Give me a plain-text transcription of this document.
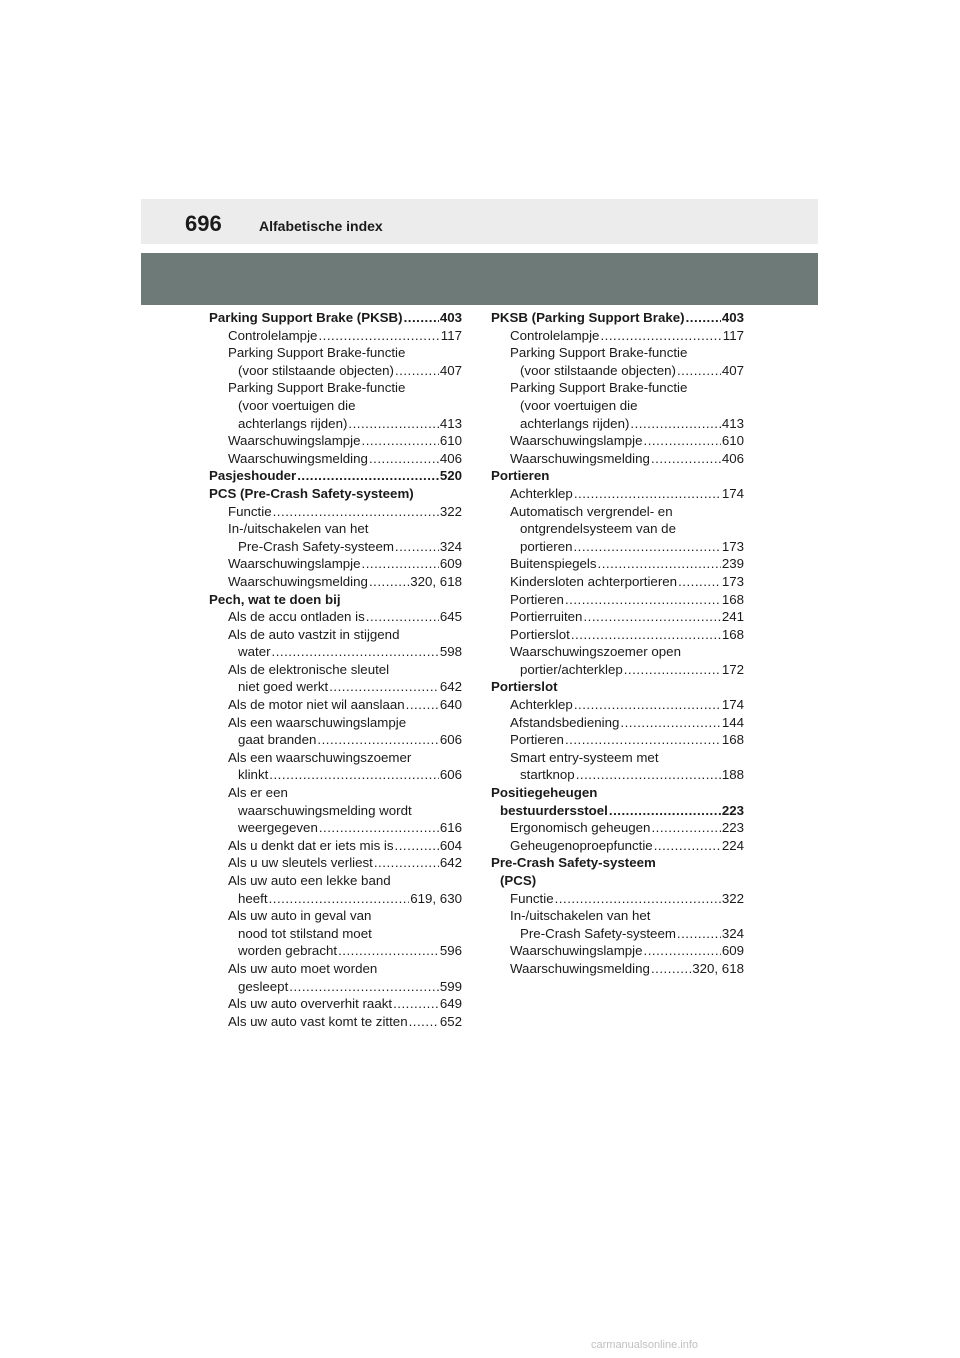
696	Alfabetische index
Parking Support Brake (PKSB) .....	403
Controlelampje .....	117
Parking Support Brake-functie
(voor stilstaande objecten) .....	407
Parking Support Brake-functie
(voor voertuigen die
achterlangs rijden) .....	413
Waarschuwingslampje .....	610
Waarschuwingsmelding .....	406
Pasjeshouder .....	520
PCS (Pre-Crash Safety-systeem)
Functie .....	322
In-/uitschakelen van het
Pre-Crash Safety-systeem .....	324
Waarschuwingslampje .....	609
Waarschuwingsmelding .....	320, 618
Pech, wat te doen bij
Als de accu ontladen is .....	645
Als de auto vastzit in stijgend
water .....	598
Als de elektronische sleutel
niet goed werkt .....	642
Als de motor niet wil aanslaan .....	640
Als een waarschuwingslampje
gaat branden .....	606
Als een waarschuwingszoemer
klinkt .....	606
Als er een
waarschuwingsmelding wordt
weergegeven .....	616
Als u denkt dat er iets mis is .....	604
Als u uw sleutels verliest .....	642
Als uw auto een lekke band
heeft .....	619, 630
Als uw auto in geval van
nood tot stilstand moet
worden gebracht .....	596
Als uw auto moet worden
gesleept .....	599
Als uw auto oververhit raakt .....	649
Als uw auto vast komt te zitten ..... 652
PKSB (Parking Support Brake) .....	403
Controlelampje .....	117
Parking Support Brake-functie
(voor stilstaande objecten) .....	407
Parking Support Brake-functie
(voor voertuigen die
achterlangs rijden) .....	413
Waarschuwingslampje .....	610
Waarschuwingsmelding .....	406
Portieren
Achterklep .....	174
Automatisch vergrendel- en
ontgrendelsysteem van de
portieren .....	173
Buitenspiegels .....	239
Kindersloten achterportieren .....	173
Portieren .....	168
Portierruiten .....	241
Portierslot .....	168
Waarschuwingszoemer open
portier/achterklep .....	172
Portierslot
Achterklep .....	174
Afstandsbediening .....	144
Portieren .....	168
Smart entry-systeem met
startknop .....	188
Positiegeheugen
bestuurdersstoel .....	223
Ergonomisch geheugen .....	223
Geheugenoproepfunctie .....	224
Pre-Crash Safety-systeem
(PCS)
Functie .....	322
In-/uitschakelen van het
Pre-Crash Safety-systeem .....	324
Waarschuwingslampje .....	609
Waarschuwingsmelding .....	320, 618
carmanualsonline.info
